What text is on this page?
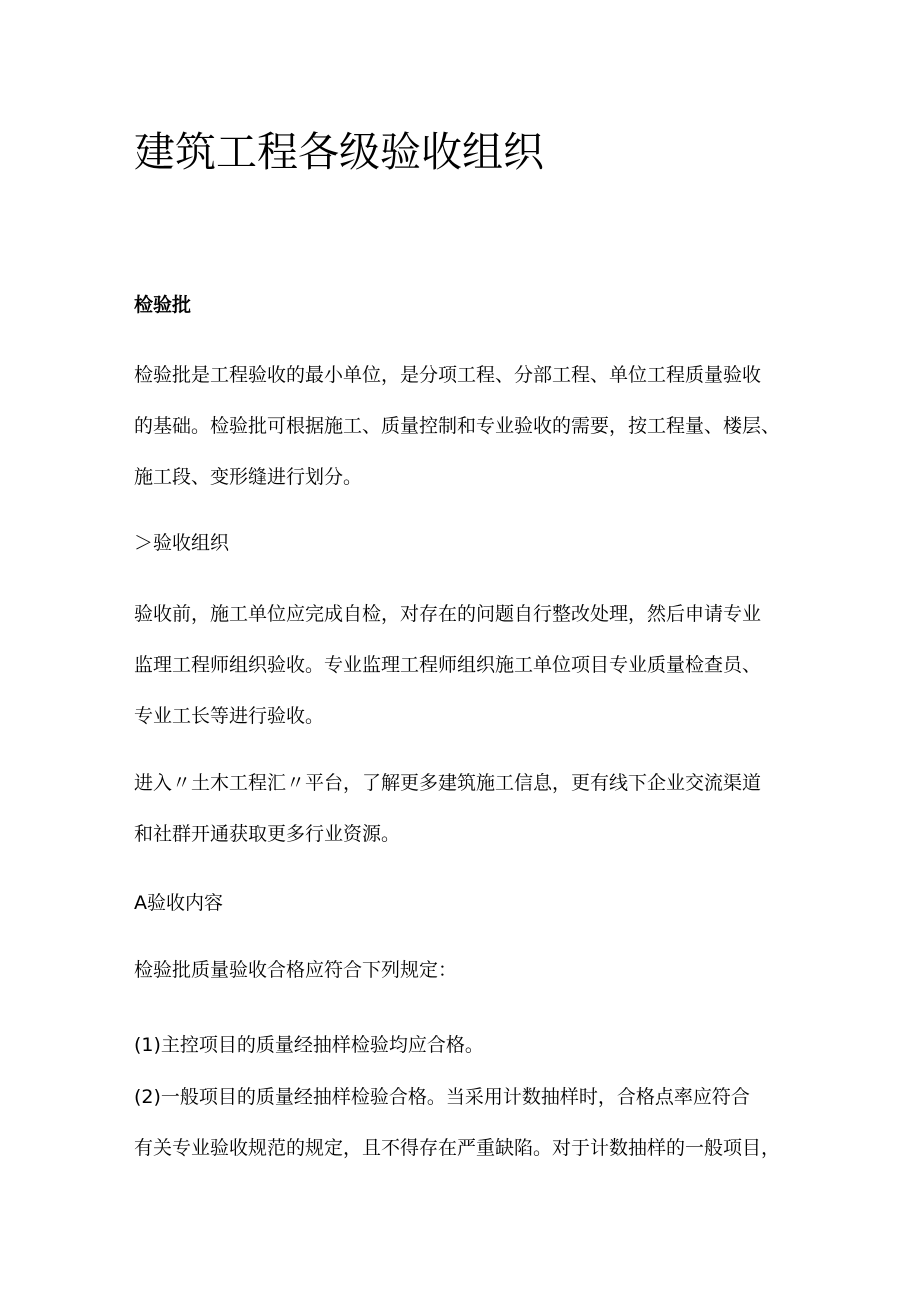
建筑工程各级验收组织
检验批

检验批是工程验收的最小单位，是分项工程、分部工程、单位工程质量验收
的基础。检验批可根据施工、质量控制和专业验收的需要，按工程量、楼层、
施工段、变形缝进行划分。

＞验收组织

验收前，施工单位应完成自检，对存在的问题自行整改处理，然后申请专业
监理工程师组织验收。专业监理工程师组织施工单位项目专业质量检查员、
专业工长等进行验收。

进入〃土木工程汇〃平台，了解更多建筑施工信息，更有线下企业交流渠道
和社群开通获取更多行业资源。

A验收内容

检验批质量验收合格应符合下列规定：

(1)主控项目的质量经抽样检验均应合格。

(2)一般项目的质量经抽样检验合格。当采用计数抽样时，合格点率应符合
有关专业验收规范的规定，且不得存在严重缺陷。对于计数抽样的一般项目，
